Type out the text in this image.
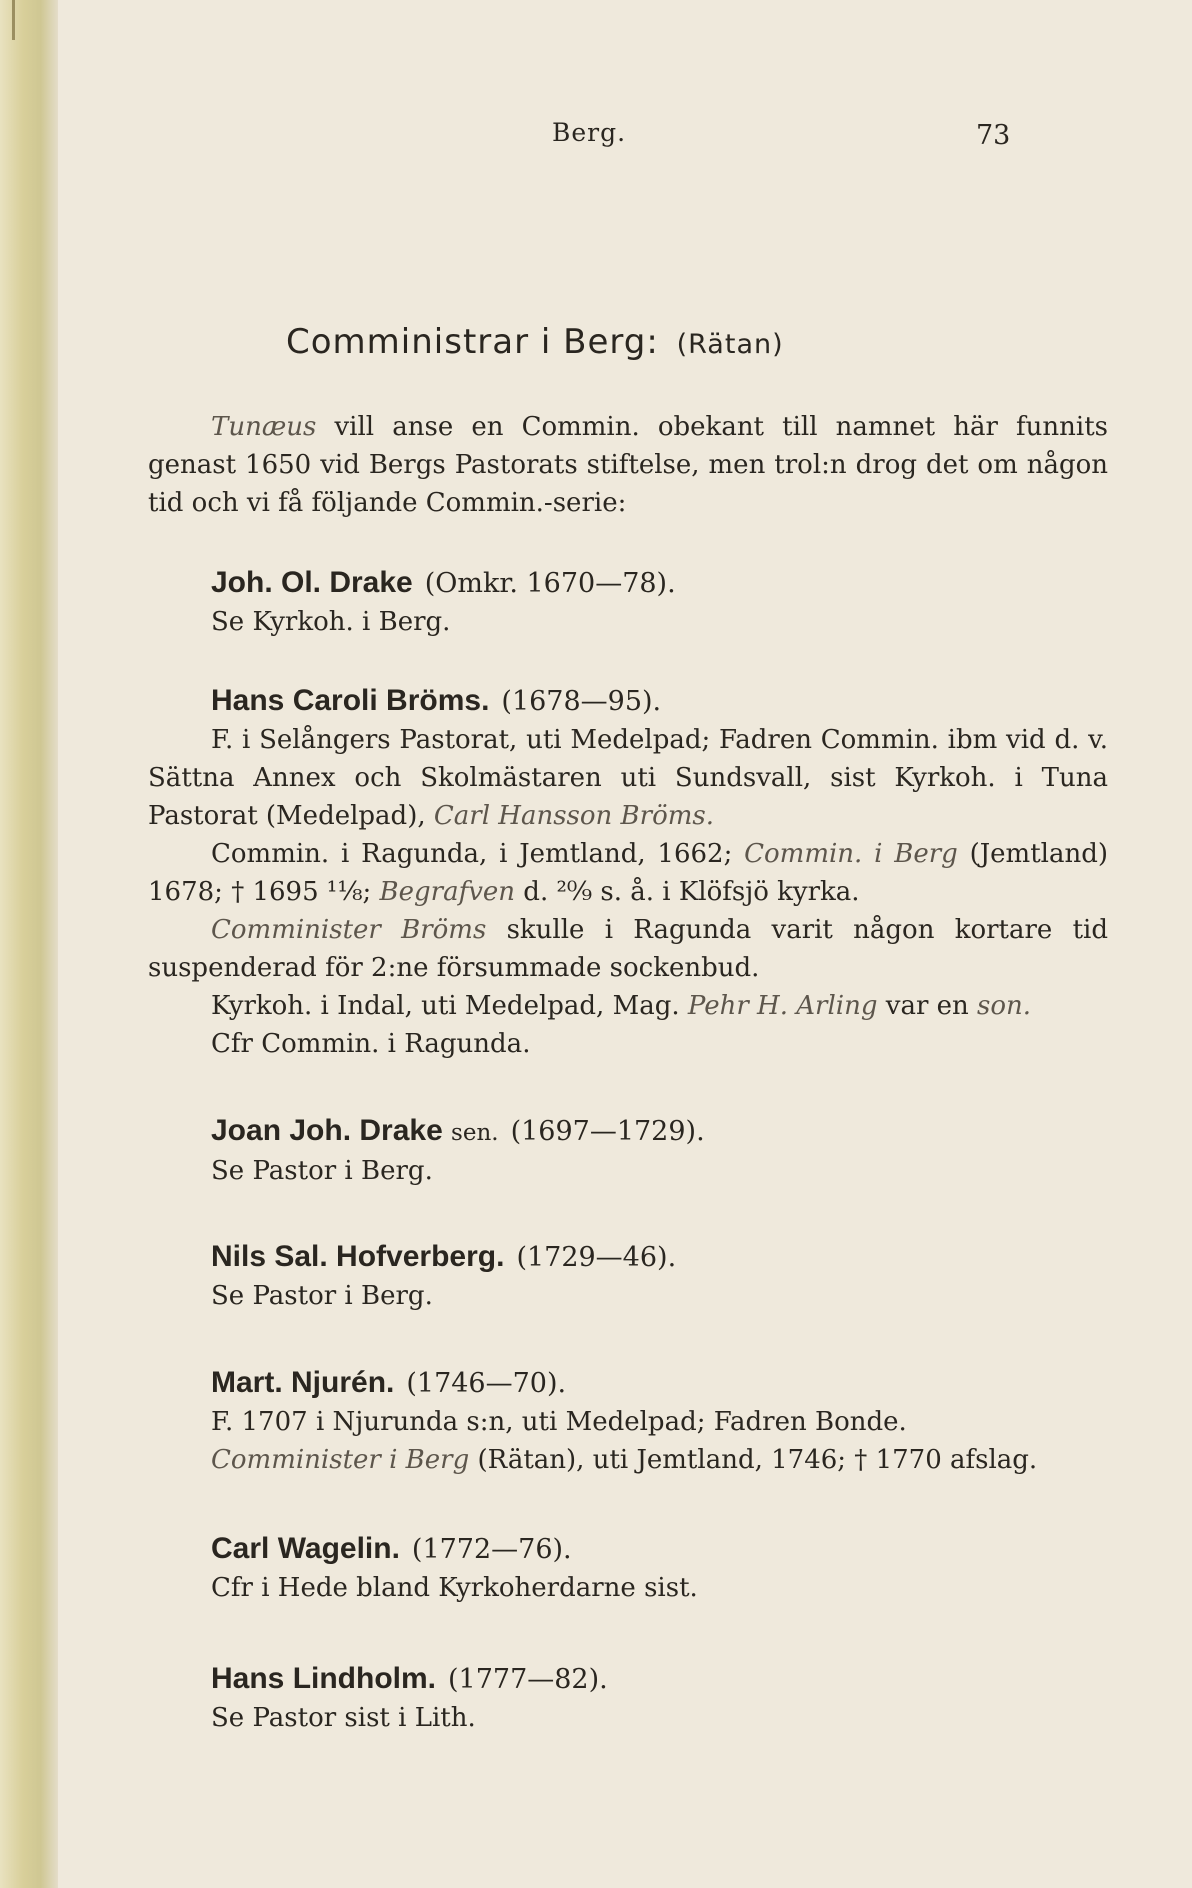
Berg.	73
Comministrar i Berg: (Rätan)

Tunæus vill anse en Commin. obekant till namnet här funnits genast 1650 vid Bergs Pastorats stiftelse, men trol:n drog det om någon tid och vi få följande Commin.-serie:

Joh. Ol. Drake (Omkr. 1670—78).

Se Kyrkoh. i Berg.

Hans Caroli Bröms. (1678—95).

F. i Selångers Pastorat, uti Medelpad; Fadren Commin. ibm vid d. v. Sättna Annex och Skolmästaren uti Sundsvall, sist Kyrkoh. i Tuna Pastorat (Medelpad), Carl Hansson Bröms.

Commin. i Ragunda, i Jemtland, 1662; Commin. i Berg (Jemtland) 1678; † 1695 ¹¹⁄₈; Begrafven d. ²⁰⁄₉ s. å. i Klöfsjö kyrka.

Comminister Bröms skulle i Ragunda varit någon kortare tid suspenderad för 2:ne försummade sockenbud.

Kyrkoh. i Indal, uti Medelpad, Mag. Pehr H. Arling var en son.

Cfr Commin. i Ragunda.

Joan Joh. Drake sen. (1697—1729).

Se Pastor i Berg.

Nils Sal. Hofverberg. (1729—46).

Se Pastor i Berg.

Mart. Njurén. (1746—70).

F. 1707 i Njurunda s:n, uti Medelpad; Fadren Bonde.

Comminister i Berg (Rätan), uti Jemtland, 1746; † 1770 afslag.

Carl Wagelin. (1772—76).

Cfr i Hede bland Kyrkoherdarne sist.

Hans Lindholm. (1777—82).

Se Pastor sist i Lith.
